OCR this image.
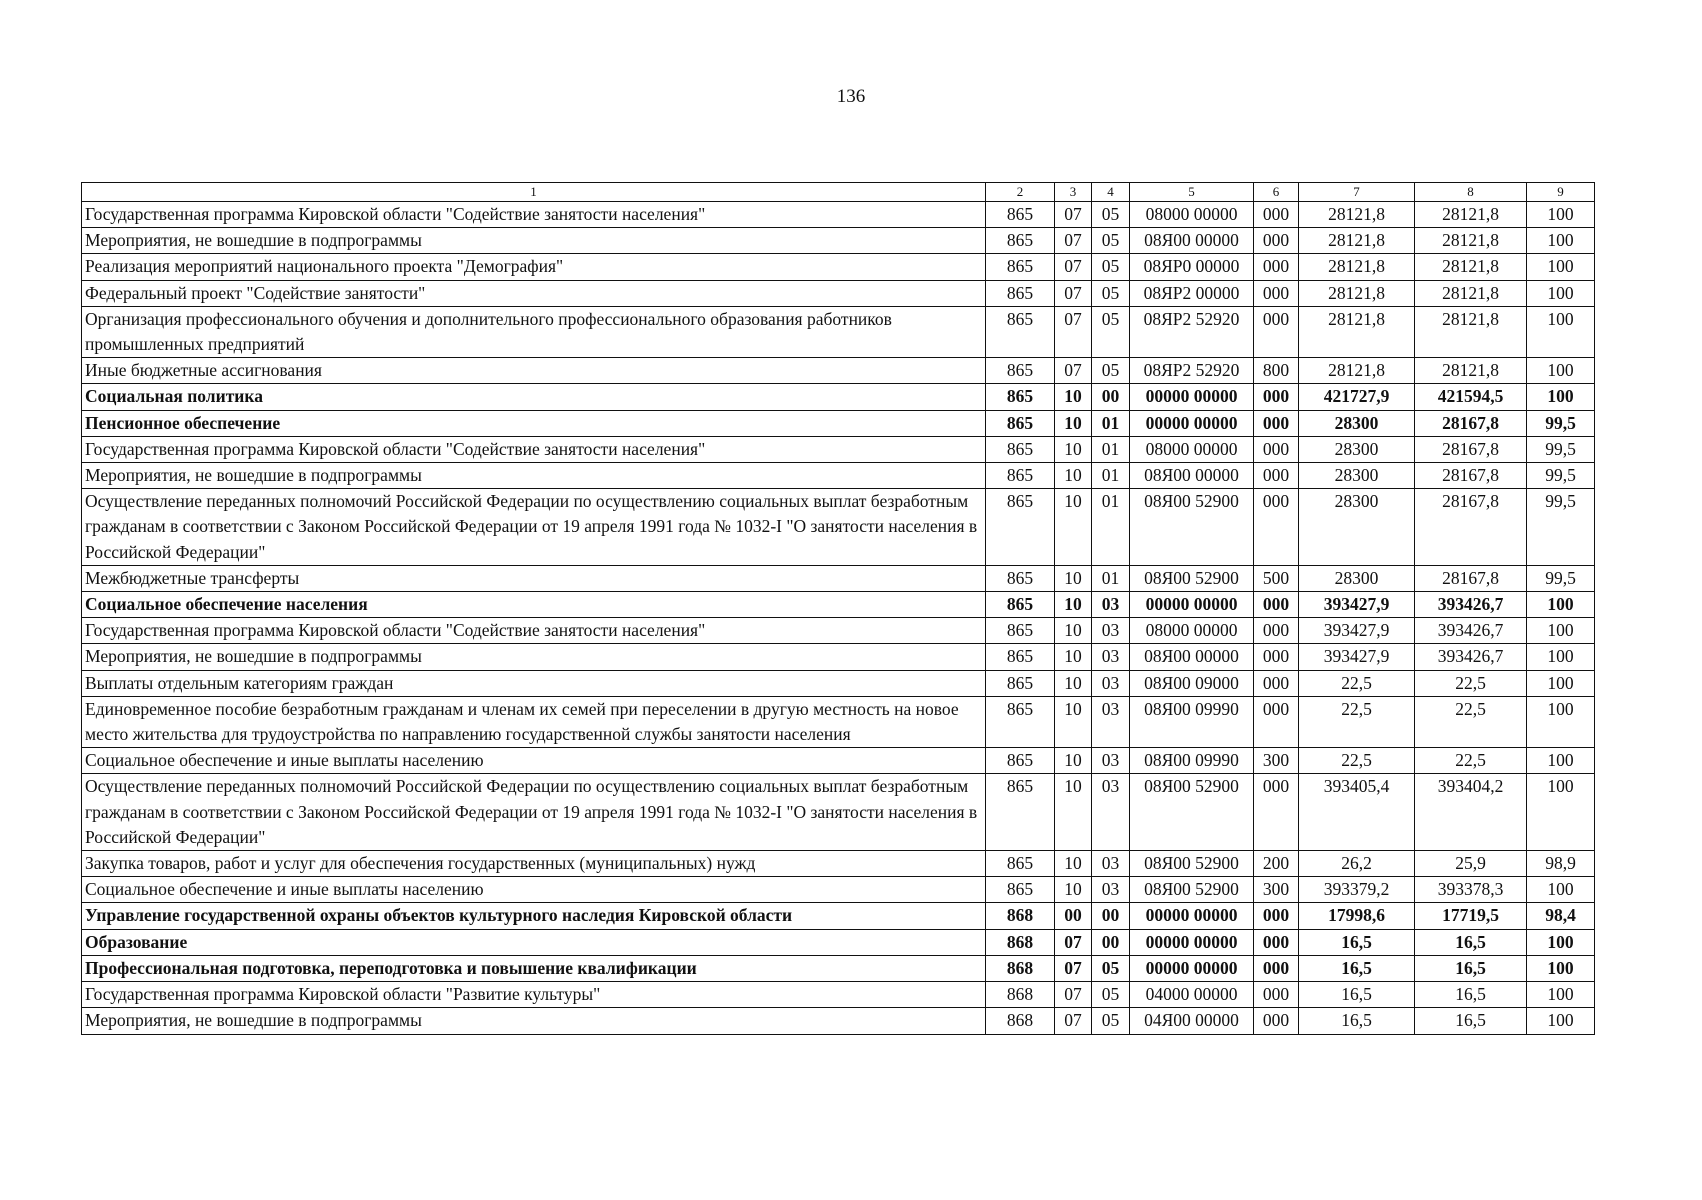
136
1	2	3	4	5	6	7	8	9
Государственная программа Кировской области "Содействие занятости населения"	865	07	05	08000 00000	000	28121,8	28121,8	100
Мероприятия, не вошедшие в подпрограммы	865	07	05	08Я00 00000	000	28121,8	28121,8	100
Реализация мероприятий национального проекта "Демография"	865	07	05	08ЯР0 00000	000	28121,8	28121,8	100
Федеральный проект "Содействие занятости"	865	07	05	08ЯР2 00000	000	28121,8	28121,8	100
Организация профессионального обучения и дополнительного профессионального образования работников промышленных предприятий	865	07	05	08ЯР2 52920	000	28121,8	28121,8	100
Иные бюджетные ассигнования	865	07	05	08ЯР2 52920	800	28121,8	28121,8	100
Социальная политика	865	10	00	00000 00000	000	421727,9	421594,5	100
Пенсионное обеспечение	865	10	01	00000 00000	000	28300	28167,8	99,5
Государственная программа Кировской области "Содействие занятости населения"	865	10	01	08000 00000	000	28300	28167,8	99,5
Мероприятия, не вошедшие в подпрограммы	865	10	01	08Я00 00000	000	28300	28167,8	99,5
Осуществление переданных полномочий Российской Федерации по осуществлению социальных выплат безработным гражданам в соответствии с Законом Российской Федерации от 19 апреля 1991 года № 1032-I "О занятости населения в Российской Федерации"	865	10	01	08Я00 52900	000	28300	28167,8	99,5
Межбюджетные трансферты	865	10	01	08Я00 52900	500	28300	28167,8	99,5
Социальное обеспечение населения	865	10	03	00000 00000	000	393427,9	393426,7	100
Государственная программа Кировской области "Содействие занятости населения"	865	10	03	08000 00000	000	393427,9	393426,7	100
Мероприятия, не вошедшие в подпрограммы	865	10	03	08Я00 00000	000	393427,9	393426,7	100
Выплаты отдельным категориям граждан	865	10	03	08Я00 09000	000	22,5	22,5	100
Единовременное пособие безработным гражданам и членам их семей при переселении в другую местность на новое место жительства для трудоустройства по направлению государственной службы занятости населения	865	10	03	08Я00 09990	000	22,5	22,5	100
Социальное обеспечение и иные выплаты населению	865	10	03	08Я00 09990	300	22,5	22,5	100
Осуществление переданных полномочий Российской Федерации по осуществлению социальных выплат безработным гражданам в соответствии с Законом Российской Федерации от 19 апреля 1991 года № 1032-I "О занятости населения в Российской Федерации"	865	10	03	08Я00 52900	000	393405,4	393404,2	100
Закупка товаров, работ и услуг для обеспечения государственных (муниципальных) нужд	865	10	03	08Я00 52900	200	26,2	25,9	98,9
Социальное обеспечение и иные выплаты населению	865	10	03	08Я00 52900	300	393379,2	393378,3	100
Управление государственной охраны объектов культурного наследия Кировской области	868	00	00	00000 00000	000	17998,6	17719,5	98,4
Образование	868	07	00	00000 00000	000	16,5	16,5	100
Профессиональная подготовка, переподготовка и повышение квалификации	868	07	05	00000 00000	000	16,5	16,5	100
Государственная программа Кировской области "Развитие культуры"	868	07	05	04000 00000	000	16,5	16,5	100
Мероприятия, не вошедшие в подпрограммы	868	07	05	04Я00 00000	000	16,5	16,5	100
